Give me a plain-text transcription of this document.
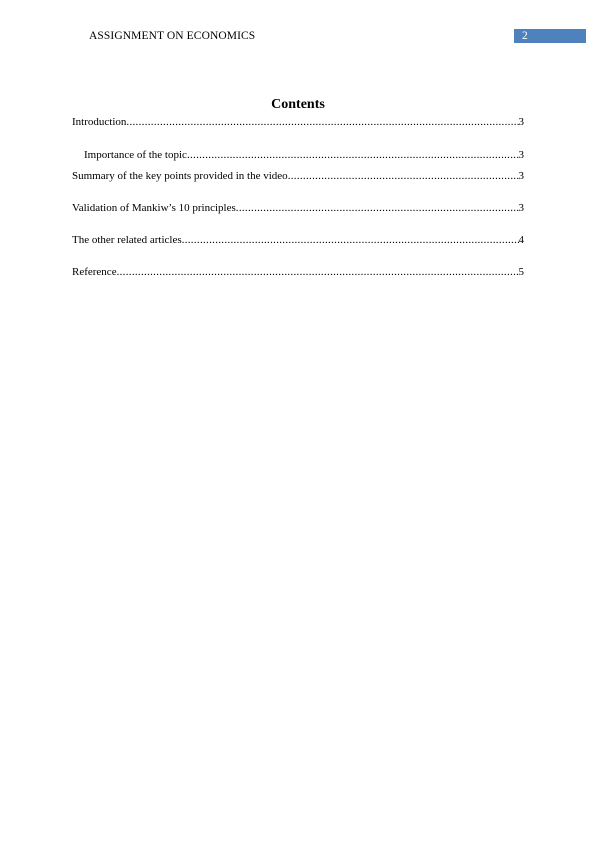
ASSIGNMENT ON ECONOMICS	2
Contents
Introduction .....	3
Importance of the topic .....	3
Summary of the key points provided in the video .....	3
Validation of Mankiw’s 10 principles .....	3
The other related articles .....	4
Reference .....	5
